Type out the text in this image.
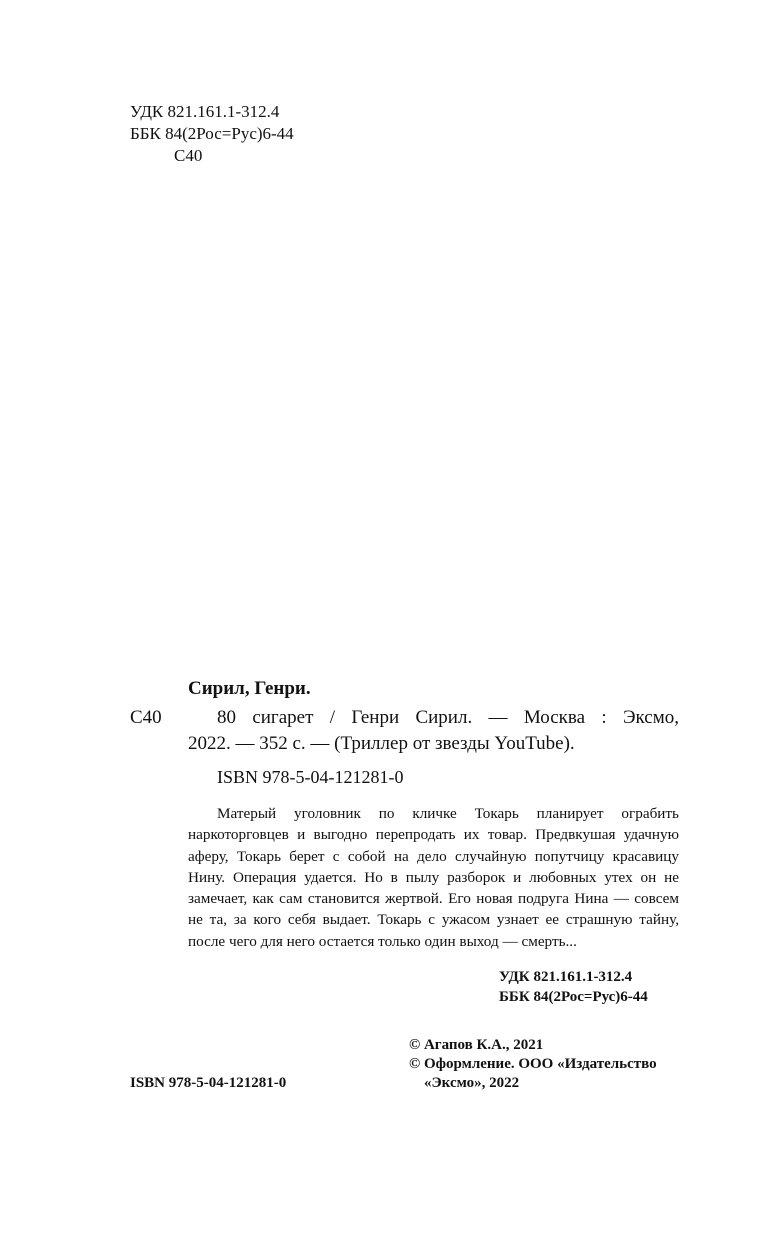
УДК 821.161.1-312.4
ББК 84(2Рос=Рус)6-44
С40
Сирил, Генри.
С40	80 сигарет / Генри Сирил. — Москва : Эксмо,
2022. — 352 с. — (Триллер от звезды YouTube).
ISBN 978-5-04-121281-0

Матерый уголовник по кличке Токарь планирует ограбить наркоторговцев и выгодно перепродать их товар. Предвкушая удачную аферу, Токарь берет с собой на дело случайную попутчицу красавицу Нину. Операция удается. Но в пылу разборок и любовных утех он не замечает, как сам становится жертвой. Его новая подруга Нина — совсем не та, за кого себя выдает. Токарь с ужасом узнает ее страшную тайну, после чего для него остается только один выход — смерть...

УДК 821.161.1-312.4
ББК 84(2Рос=Рус)6-44
© Агапов К.А., 2021
© Оформление. ООО «Издательство
«Эксмо», 2022
ISBN 978-5-04-121281-0
